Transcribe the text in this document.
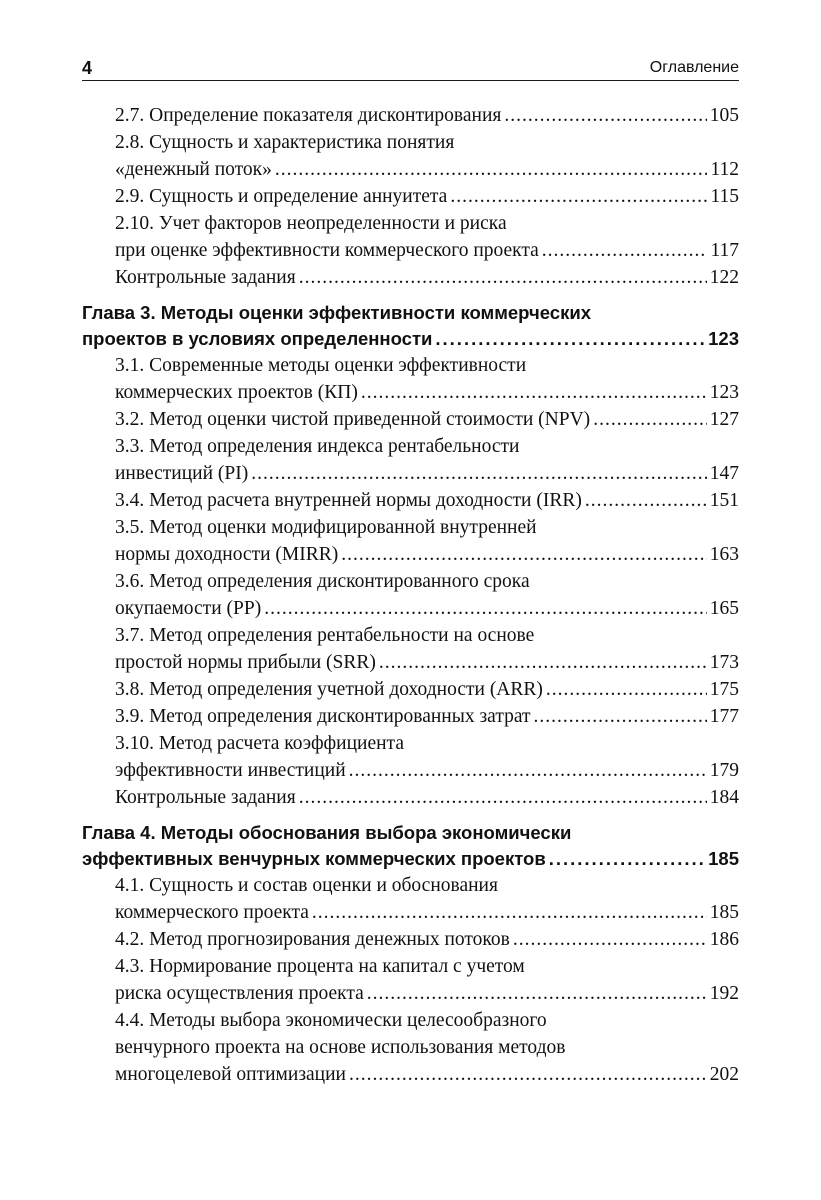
4	Оглавление
2.7. Определение показателя дисконтирования .....	105
2.8. Сущность и характеристика понятия
«денежный поток» .....	112
2.9. Сущность и определение аннуитета .....	115
2.10. Учет факторов неопределенности и риска
при оценке эффективности коммерческого проекта .....	117
Контрольные задания .....	122
Глава 3. Методы оценки эффективности коммерческих
проектов в условиях определенности .....	123
3.1. Современные методы оценки эффективности
коммерческих проектов (КП) .....	123
3.2. Метод оценки чистой приведенной стоимости (NPV) .....	127
3.3. Метод определения индекса рентабельности
инвестиций (PI) .....	147
3.4. Метод расчета внутренней нормы доходности (IRR) .....	151
3.5. Метод оценки модифицированной внутренней
нормы доходности (MIRR) .....	163
3.6. Метод определения дисконтированного срока
окупаемости (PP) .....	165
3.7. Метод определения рентабельности на основе
простой нормы прибыли (SRR) .....	173
3.8. Метод определения учетной доходности (ARR) .....	175
3.9. Метод определения дисконтированных затрат .....	177
3.10. Метод расчета коэффициента
эффективности инвестиций .....	179
Контрольные задания .....	184
Глава 4. Методы обоснования выбора экономически
эффективных венчурных коммерческих проектов .....	185
4.1. Сущность и состав оценки и обоснования
коммерческого проекта .....	185
4.2. Метод прогнозирования денежных потоков .....	186
4.3. Нормирование процента на капитал с учетом
риска осуществления проекта .....	192
4.4. Методы выбора экономически целесообразного
венчурного проекта на основе использования методов
многоцелевой оптимизации .....	202
